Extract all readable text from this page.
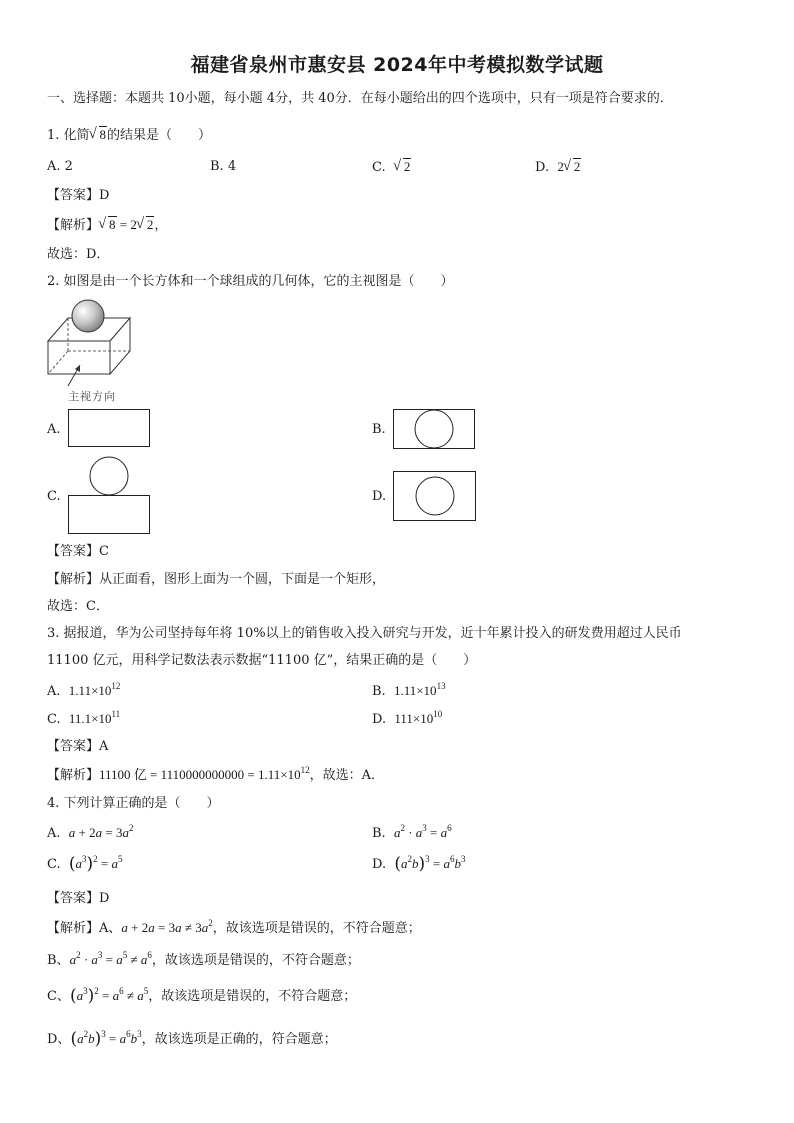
福建省泉州市惠安县 2024年中考模拟数学试题
一、选择题：本题共 10小题，每小题 4分，共 40分．在每小题给出的四个选项中，只有一项是符合要求的．
1. 化简 √ 8的结果是（　　）
A. 2	B. 4	C. √ 2	D. 2 √ 2
【答案】D
【解析】 √ 8 = 2 √ 2，
故选：D．
2. 如图是由一个长方体和一个球组成的几何体，它的主视图是（　　）
主视方向
A.	B.
C.	D.
【答案】C
【解析】从正面看，图形上面为一个圆，下面是一个矩形，
故选：C．
3. 据报道，华为公司坚持每年将 10%以上的销售收入投入研究与开发，近十年累计投入的研发费用超过人民币
11100 亿元，用科学记数法表示数据“11100 亿”，结果正确的是（　　）
A. $1.11\times 10^{12}$	B. $1.11\times 10^{13}$
C. $11.1\times 10^{11}$	D. $111\times 10^{10}$
【答案】A
【解析】11100 亿 = $1110000000000 = 1.11\times 10^{12}$，故选：A．
4. 下列计算正确的是（　　）
A. $a + 2a = 3a^2$	B. $a^2 \cdot a^3 = a^6$
C. $(a^3)^2 = a^5$	D. $(a^2b)^3 = a^6b^3$
【答案】D
【解析】A、$a + 2a = 3a \ne 3a^2$，故该选项是错误的，不符合题意；
B、$a^2 \cdot a^3 = a^5 \ne a^6$，故该选项是错误的，不符合题意；
C、$(a^3)^2 = a^6 \ne a^5$，故该选项是错误的，不符合题意；
D、$(a^2b)^3 = a^6b^3$，故该选项是正确的，符合题意；
